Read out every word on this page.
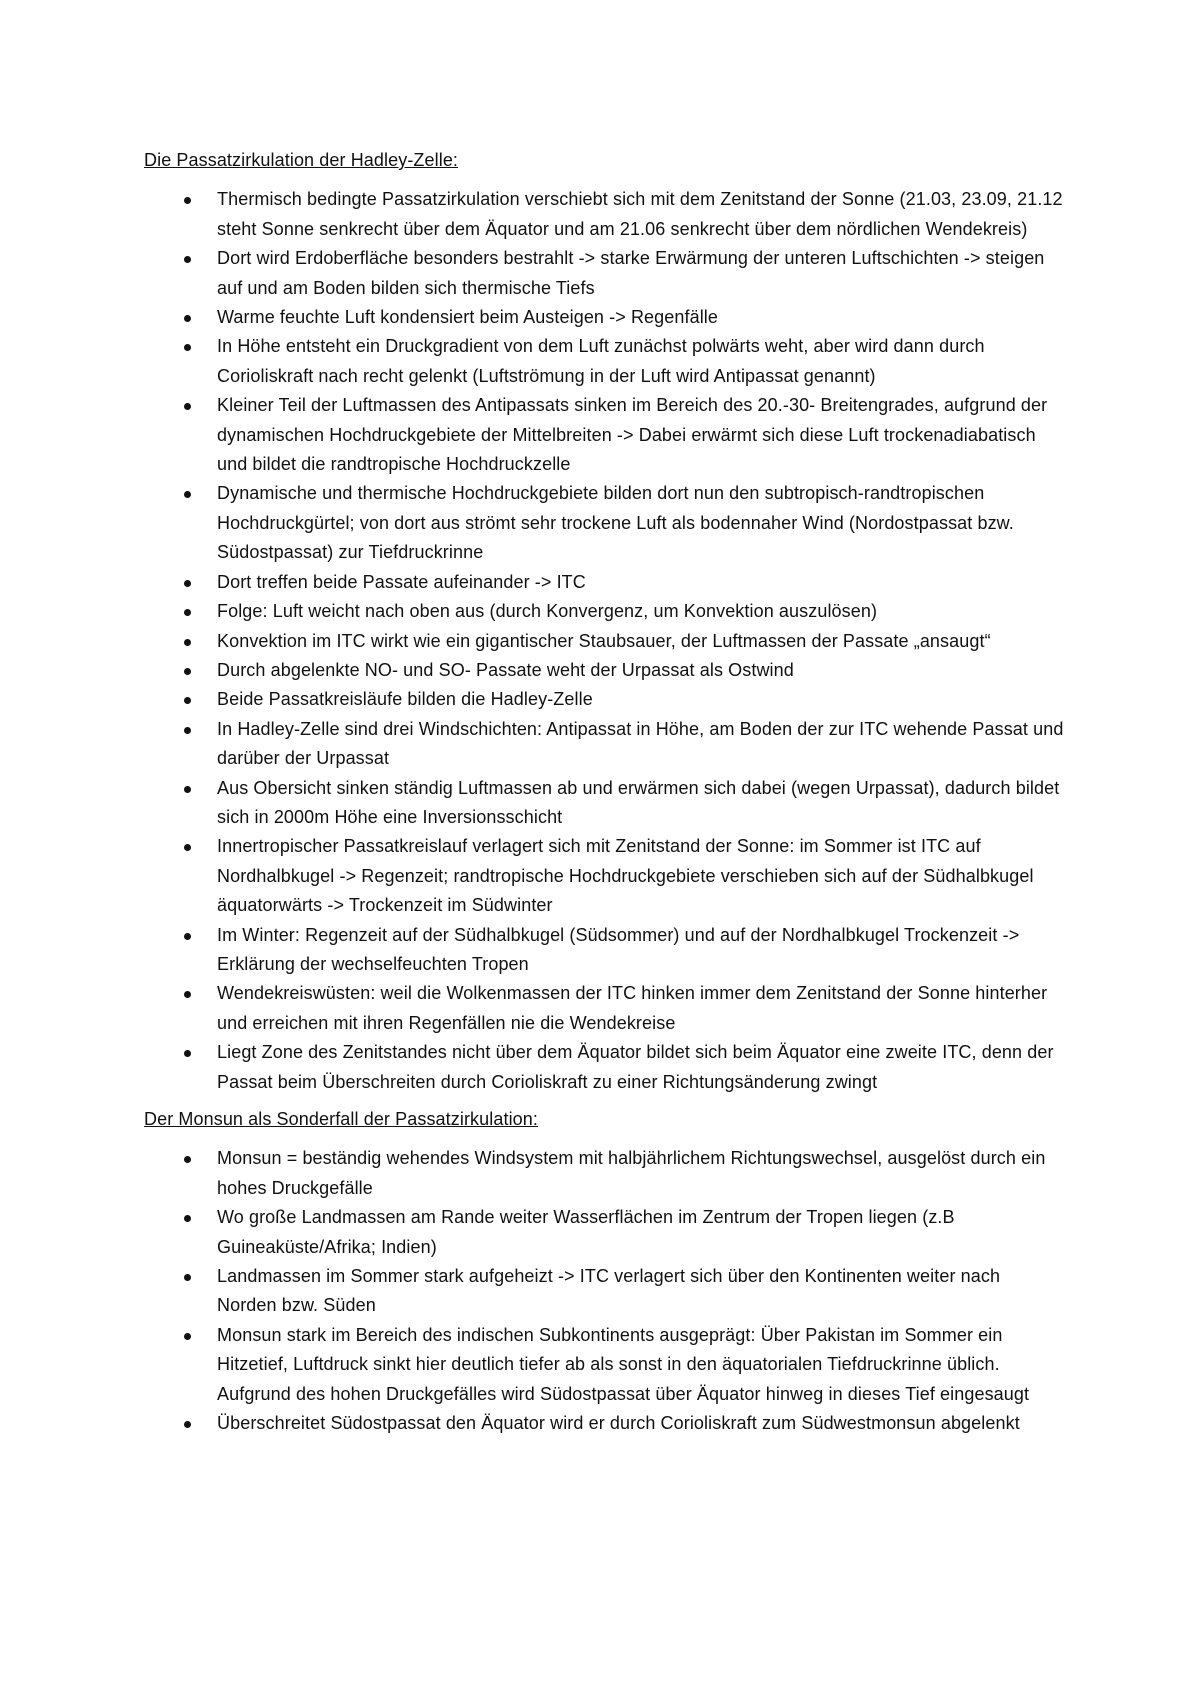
Die Passatzirkulation der Hadley-Zelle:
Thermisch bedingte Passatzirkulation verschiebt sich mit dem Zenitstand der Sonne (21.03, 23.09, 21.12 steht Sonne senkrecht über dem Äquator und am 21.06 senkrecht über dem nördlichen Wendekreis)
Dort wird Erdoberfläche besonders bestrahlt -> starke Erwärmung der unteren Luftschichten -> steigen auf und am Boden bilden sich thermische Tiefs
Warme feuchte Luft kondensiert beim Austeigen -> Regenfälle
In Höhe entsteht ein Druckgradient von dem Luft zunächst polwärts weht, aber wird dann durch Corioliskraft nach recht gelenkt (Luftströmung in der Luft wird Antipassat genannt)
Kleiner Teil der Luftmassen des Antipassats sinken im Bereich des 20.-30- Breitengrades, aufgrund der dynamischen Hochdruckgebiete der Mittelbreiten -> Dabei erwärmt sich diese Luft trockenadiabatisch und bildet die randtropische Hochdruckzelle
Dynamische und thermische Hochdruckgebiete bilden dort nun den subtropisch-randtropischen Hochdruckgürtel; von dort aus strömt sehr trockene Luft als bodennaher Wind (Nordostpassat bzw. Südostpassat) zur Tiefdruckrinne
Dort treffen beide Passate aufeinander -> ITC
Folge: Luft weicht nach oben aus (durch Konvergenz, um Konvektion auszulösen)
Konvektion im ITC wirkt wie ein gigantischer Staubsauer, der Luftmassen der Passate „ansaugt“
Durch abgelenkte NO- und SO- Passate weht der Urpassat als Ostwind
Beide Passatkreisläufe bilden die Hadley-Zelle
In Hadley-Zelle sind drei Windschichten: Antipassat in Höhe, am Boden der zur ITC wehende Passat und darüber der Urpassat
Aus Obersicht sinken ständig Luftmassen ab und erwärmen sich dabei (wegen Urpassat), dadurch bildet sich in 2000m Höhe eine Inversionsschicht
Innertropischer Passatkreislauf verlagert sich mit Zenitstand der Sonne: im Sommer ist ITC auf Nordhalbkugel -> Regenzeit; randtropische Hochdruckgebiete verschieben sich auf der Südhalbkugel äquatorwärts -> Trockenzeit im Südwinter
Im Winter: Regenzeit auf der Südhalbkugel (Südsommer) und auf der Nordhalbkugel Trockenzeit -> Erklärung der wechselfeuchten Tropen
Wendekreiswüsten: weil die Wolkenmassen der ITC hinken immer dem Zenitstand der Sonne hinterher und erreichen mit ihren Regenfällen nie die Wendekreise
Liegt Zone des Zenitstandes nicht über dem Äquator bildet sich beim Äquator eine zweite ITC, denn der Passat beim Überschreiten durch Corioliskraft zu einer Richtungsänderung zwingt
Der Monsun als Sonderfall der Passatzirkulation:
Monsun = beständig wehendes Windsystem mit halbjährlichem Richtungswechsel, ausgelöst durch ein hohes Druckgefälle
Wo große Landmassen am Rande weiter Wasserflächen im Zentrum der Tropen liegen (z.B Guineaküste/Afrika; Indien)
Landmassen im Sommer stark aufgeheizt -> ITC verlagert sich über den Kontinenten weiter nach Norden bzw. Süden
Monsun stark im Bereich des indischen Subkontinents ausgeprägt: Über Pakistan im Sommer ein Hitzetief, Luftdruck sinkt hier deutlich tiefer ab als sonst in den äquatorialen Tiefdruckrinne üblich. Aufgrund des hohen Druckgefälles wird Südostpassat über Äquator hinweg in dieses Tief eingesaugt
Überschreitet Südostpassat den Äquator wird er durch Corioliskraft zum Südwestmonsun abgelenkt
